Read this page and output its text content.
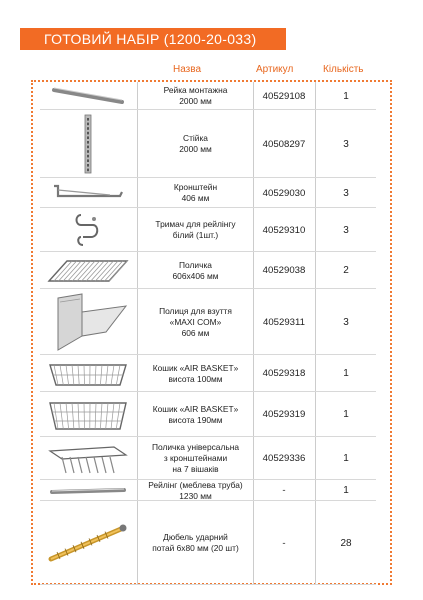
ГОТОВИЙ НАБІР (1200-20-033)
Назва	Артикул	Кількість
Рейка монтажна
2000 мм	40529108	1
Стійка
2000 мм	40508297	3
Кронштейн
406 мм	40529030	3
Тримач для рейлінгу
білий (1шт.)	40529310	3
Поличка
606х406 мм	40529038	2
Полиця для взуття
«MAXI COM»
606 мм
40529311	3
Кошик «AIR BASKET»
висота 100мм	40529318	1
Кошик «AIR BASKET»
висота 190мм	40529319	1
Поличка універсальна
з кронштейнами
на 7 вішаків
40529336	1
Рейлінг (меблева труба)
1230 мм	-	1
Дюбель ударний
потай 6х80 мм (20 шт)	-	28
